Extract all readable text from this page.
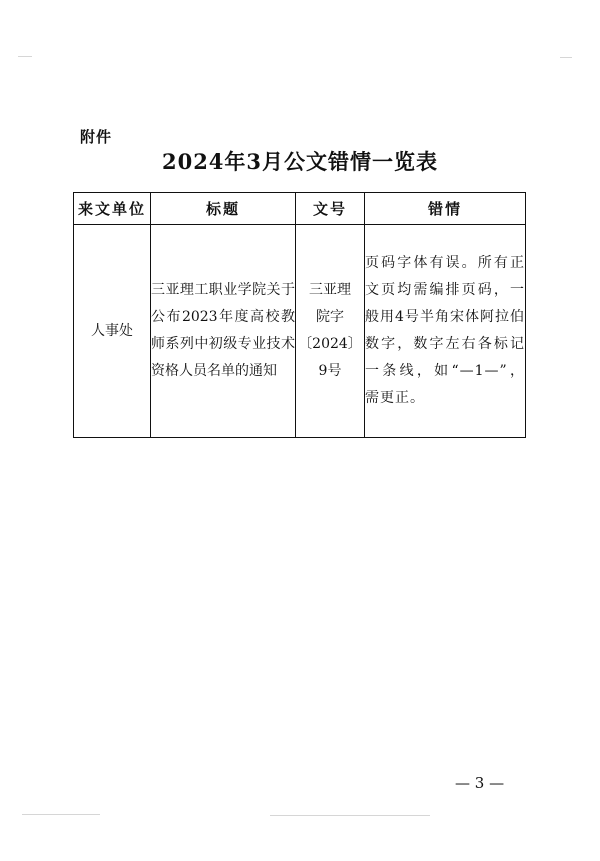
附件
2024年3月公文错情一览表
来文单位	标题	文号	错情
人事处	三亚理工职业学院关于公布2023年度高校教师系列中初级专业技术资格人员名单的通知	三亚理
院字
〔2024〕
9号	页码字体有误。所有正文页均需编排页码，一般用4号半角宋体阿拉伯数字，数字左右各标记一条线，如“—1—”，需更正。
— 3 —
